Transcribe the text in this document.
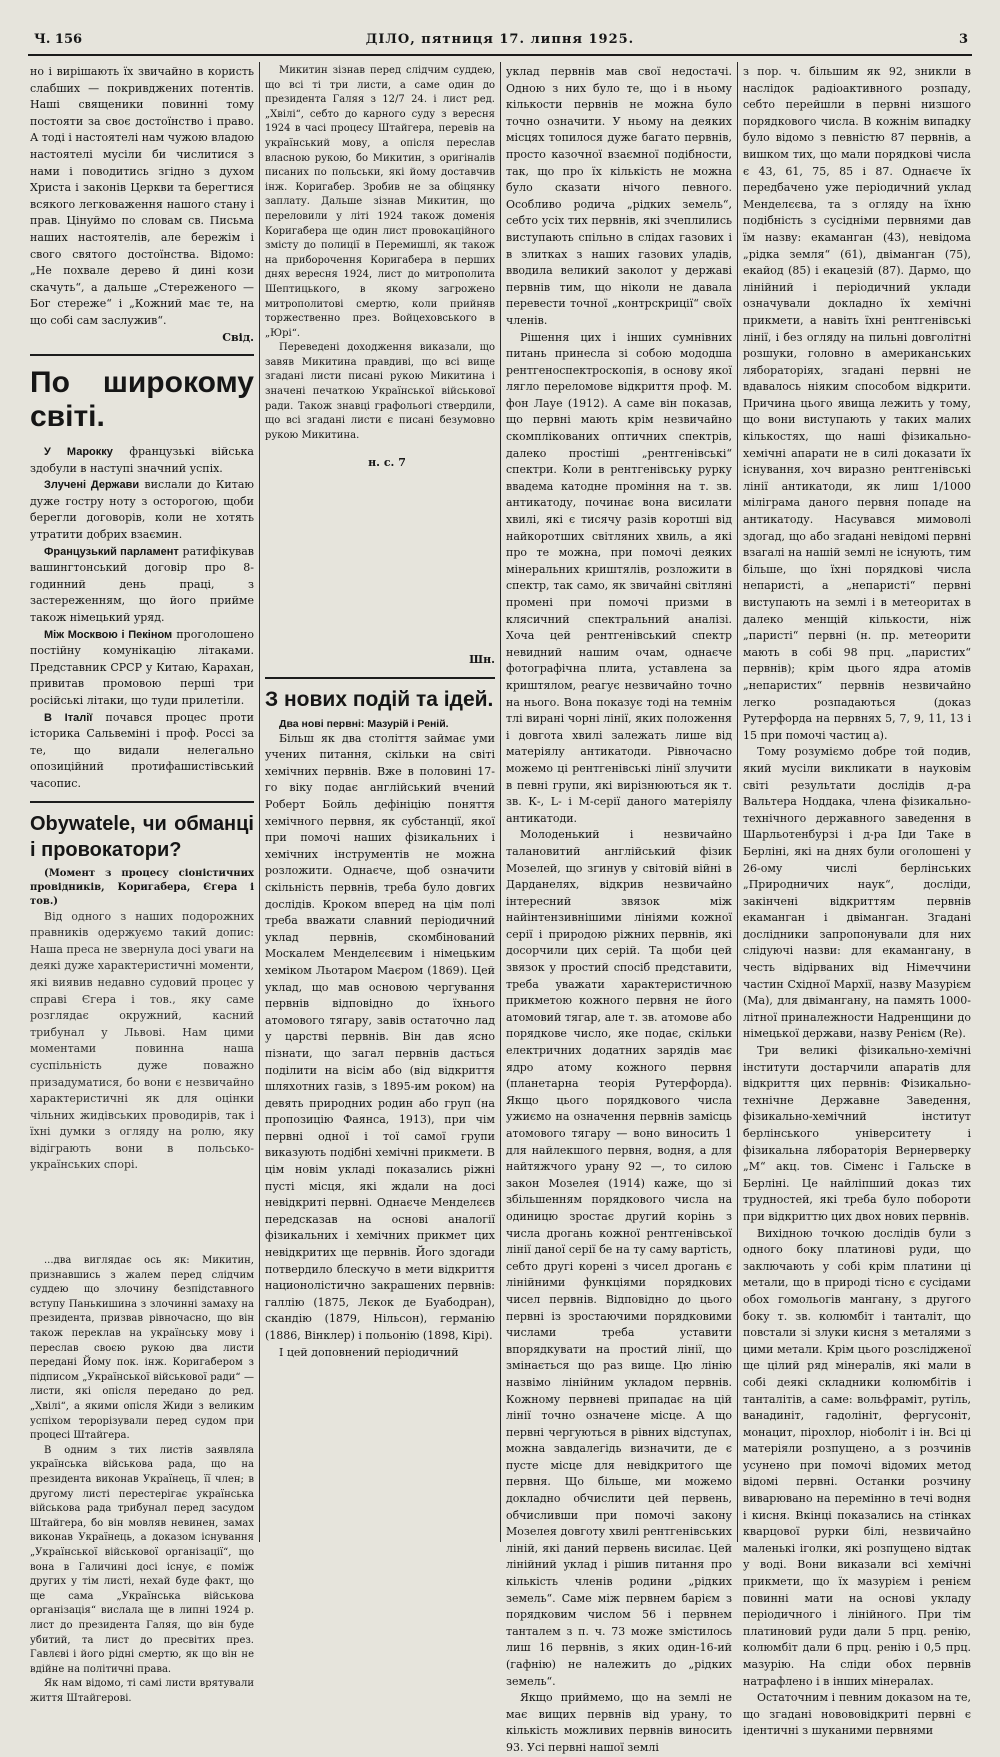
Ч. 156	ДІЛО, пятниця 17. липня 1925.	3

но і вирішають їх звичайно в користь слабших — покривджених потентів. Наші священики повинні тому постояти за своє достоїнство і право. А тоді і настоятелі нам чужою владою настоятелі мусіли би числитися з нами і поводитись згідно з духом Христа і законів Церкви та берегтися всякого легковаження нашого стану і прав. Цінуймо по словам св. Письма наших настоятелів, але бережім і свого святого достоїнства. Відомо: „Не похвале дерево й дині кози скачуть“, а дальше „Стереженого — Бог стереже“ і „Кожний має те, на що собі сам заслужив“.

Свід.

По широкому світі.

У Марокку французькі війська здобули в наступі значний успіх.

Злучені Держави вислали до Китаю дуже гостру ноту з осторогою, щоби берегли договорів, коли не хотять утратити добрих взаємин.

Французький парламент ратифікував вашингтонський договір про 8-годинний день праці, з застереженням, що його прийме також німецький уряд.

Між Москвою і Пекіном проголошено постійну комунікацію літаками. Представник СРСР у Китаю, Карахан, привитав промовою перші три російські літаки, що туди прилетіли.

В Італії почався процес проти історика Сальвеміні і проф. Россі за те, що видали нелегально опозиційний протифашистівський часопис.

Obywatele, чи обманці і провокатори?

(Момент з процесу сіоністичних провідників, Коригабера, Єгера і тов.)

Від одного з наших подорожних правників одержуємо такий допис: Наша преса не звернула досі уваги на деякі дуже характеристичні моменти, які виявив недавно судовий процес у справі Єгера і тов., яку саме розглядає окружний, касний трибунал у Львові. Нам цими моментами повинна наша суспільність дуже поважно призадуматися, бо вони є незвичайно характеристичні як для оцінки чільних жидівських проводирів, так і їхні думки з огляду на ролю, яку відіграють вони в польсько-українських спорі.

...два виглядає ось як: Микитин, признавшись з жалем перед слідчим суддею що злочину безпідставного вступу Панькишина з злочинні замаху на президента, призвав рівночасно, що він також переклав на українську мову і переслав своєю рукою два листи передані Йому пок. інж. Коригабером з підписом „Української військової ради“ — листи, які опісля передано до ред. „Хвілі“, а якими опісля Жиди з великим успіхом терорізували перед судом при процесі Штайгера.

В одним з тих листів заявляла українська військова рада, що на президента виконав Українець, її член; в другому листі перестерігає українська військова рада трибунал перед засудом Штайгера, бо він мовляв невинен, замах виконав Українець, а доказом існування „Української військової організації“, що вона в Галичині досі існує, є поміж других у тім листі, нехай буде факт, що ще сама „Українська військова організація“ вислала ще в липні 1924 р. лист до президента Галяя, що він буде убитий, та лист до пресвітих през. Гавлєві і його рідні смертю, як що він не вдійне на політичні права.

Як нам відомо, ті самі листи врятували життя Штайгерові.

Микитин зізнав перед слідчим суддею, що всі ті три листи, а саме один до президента Галяя з 12/7 24. і лист ред. „Хвілі“, себто до карного суду з вересня 1924 в часі процесу Штайгера, перевів на український мову, а опісля переслав власною рукою, бо Микитин, з оригіналів писаних по польськи, які йому доставчив інж. Коригабер. Зробив не за обіцянку заплату. Дальше зізнав Микитин, що переловили у літі 1924 також доменія Коригабера ще один лист провокаційного змісту до полиції в Перемишлі, як також на приборочення Коригабера в перших днях вересня 1924, лист до митрополита Шептицького, в якому загрожено митрополитові смертю, коли прийняв торжественно през. Войцеховського в „Юрі“.

Переведені доходження виказали, що завяв Микитина правдиві, що всі вище згадані листи писані рукою Микитина і значені печаткою Української військової ради. Також знавці графольогі ствердили, що всі згадані листи є писані безумовно рукою Микитина.

н. с. 7

Шн.

З нових подій та ідей.

Два нові первні: Мазурій і Реній.

Більш як два століття займає уми учених питання, скільки на світі хемічних первнів. Вже в половині 17-го віку подає англійський вчений Роберт Бойль дефініцію поняття хемічного первня, як субстанції, якої при помочі наших фізикальних і хемічних інструментів не можна розложити. Однаєче, щоб означити скільність первнів, треба було довгих дослідів. Кроком вперед на цім полі треба вважати славний періодичний уклад первнів, скомбінований Москалем Менделєєвим і німецьким хеміком Льотаром Маєром (1869). Цей уклад, що мав основою чергування первнів відповідно до їхнього атомового тягару, завів остаточно лад у царстві первнів. Він дав ясно пізнати, що загал первнів дасться поділити на вісім або (від відкриття шляхотних газів, з 1895-им роком) на девять природних родин або груп (на пропозицію Фаянса, 1913), при чім первні одної і тої самої групи виказують подібні хемічні прикмети. В цім новім укладі показались ріжні пусті місця, які ждали на досі невідкриті первні. Однаєче Менделєєв передсказав на основі аналогії фізикальних і хемічних прикмет цих невідкритих ще первнів. Його здогади потвердило блескучо в мети відкриття национолістично закрашених первнів: галлію (1875, Лєкок де Буабодран), скандію (1879, Нільсон), германію (1886, Вінклер) і польонію (1898, Кірі).

І цей доповнений періодичний

уклад первнів мав свої недостачі. Одною з них було те, що і в ньому кількости первнів не можна було точно означити. У ньому на деяких місцях топилося дуже багато первнів, просто казочної взаємної подібности, так, що про їх кількість не можна було сказати нічого певного. Особливо родича „рідких земель“, себто усіх тих первнів, які зчеплились виступають спільно в слідах газових і в злитках з наших газових уладів, вводила великий заколот у державі первнів тим, що ніколи не давала перевести точної „контрскриції“ своїх членів.

Рішення цих і інших сумнівних питань принесла зі собою мододша рентгеноспектроскопія, в основу якої лягло переломове відкриття проф. М. фон Лауе (1912). А саме він показав, що первні мають крім незвичайно скомплікованих оптичних спектрів, далеко простіші „рентгенівські“ спектри. Коли в рентгенівську рурку ввадема катодне проміння на т. зв. антикатоду, починає вона висилати хвилі, які є тисячу разів коротші від найкоротших світляних хвиль, а які про те можна, при помочі деяких мінеральних криштялів, розложити в спектр, так само, як звичайні світляні промені при помочі призми в клясичний спектральний аналізі. Хоча цей рентгенівський спектр невидний нашим очам, однаєче фотографічна плита, уставлена за криштялом, реагує незвичайно точно на нього. Вона показує тоді на темнім тлі вирані чорні лінії, яких положення і довгота хвилі залежать лише від матеріялу антикатоди. Рівночасно можемо ці рентгенівські лінії злучити в певні групи, які вирізнюються як т. зв. К-, L- і М-серії даного матеріялу антикатоди.

Молоденький і незвичайно талановитий англійський фізик Мозелей, що згинув у світовій війні в Дарданелях, відкрив незвичайно інтересний звязок між найінтензивнішими лініями кожної серії і природою ріжних первнів, які досорчили цих серій. Та щоби цей звязок у простий спосіб представити, треба уважати характеристичною прикметою кожного первня не його атомовий тягар, але т. зв. атомове або порядкове число, яке подає, скільки електричних додатних зарядів має ядро атому кожного первня (планетарна теорія Рутерфорда). Якщо цього порядкового числа ужиємо на означення первнів замісць атомового тягару — воно виносить 1 для найлекшого первня, водня, а для найтяжчого урану 92 —, то силою закон Мозелея (1914) каже, що зі збільшенням порядкового числа на одиницю зростає другий корінь з числа дрогань кожної рентгенівської лінії даної серії бе на ту саму вартість, себто другі корені з чисел дрогань є лінійними функціями порядкових чисел первнів. Відповідно до цього первні із зростаючими порядковими числами треба уставити впорядкувати на простий лінії, що змінається що раз вище. Цю лінію назвімо лінійним укладом первнів. Кожному первневі припадає на цій лінії точно означене місце. А що первні чергуються в рівних відступах, можна завдалегідь визначити, де є пусте місце для невідкритого ще первня. Що більше, ми можемо докладно обчислити цей первень, обчисливши при помочі закону Мозелея довготу хвилі рентгенівських ліній, які даний первень висилає. Цей лінійний уклад і рішив питання про кількість членів родини „рідких земель“. Саме між первнем барієм з порядковим числом 56 і первнем танталем з п. ч. 73 може змістилось лиш 16 первнів, з яких один-16-ий (гафнію) не належить до „рідких земель“.

Якщо приймемо, що на землі не має вищих первнів від урану, то кількість можливих первнів виносить 93. Усі первні нашої землі

з пор. ч. більшим як 92, зникли в наслідок радіоактивного розпаду, себто перейшли в первні низшого порядкового числа. В кожнім випадку було відомо з певністю 87 первнів, а вишком тих, що мали порядкові числа є 43, 61, 75, 85 і 87. Однаєче їх передбачено уже періодичний уклад Менделєєва, та з огляду на їхню подібність з сусідніми первнями дав їм назву: екаманган (43), невідома „рідка земля“ (61), двіманган (75), екайод (85) і екацезій (87). Дармо, що лінійний і періодичний уклади означували докладно їх хемічні прикмети, а навіть їхні рентгенівські лінії, і без огляду на пильні довголітні розшуки, головно в американських лябораторіях, згадані первні не вдавалось ніяким способом відкрити. Причина цього явища лежить у тому, що вони виступають у таких малих кількостях, що наші фізикально-хемічні апарати не в силі доказати їх існування, хоч виразно рентгенівські лінії антикатоди, як лиш 1/1000 міліграма даного первня попаде на антикатоду. Насувався мимоволі здогад, що або згадані невідомі первні взагалі на нашій землі не існують, тим більше, що їхні порядкові числа непаристі, а „непаристі“ первні виступають на землі і в метеоритах в далеко менщій кількости, ніж „паристі“ первні (н. пр. метеорити мають в собі 98 прц. „паристих“ первнів); крім цього ядра атомів „непаристих“ первнів незвичайно легко розпадаються (доказ Рутерфорда на первнях 5, 7, 9, 11, 13 і 15 при помочі частиц а).

Тому розуміємо добре той подив, який мусіли викликати в науковім світі результати дослідів д-ра Вальтера Ноддака, члена фізикально-технічного державного заведення в Шарльотенбурзі і д-ра Іди Таке в Берліні, які на днях були оголошені у 26-ому числі берлінських „Природничих наук“, досліди, закінчені відкриттям первнів екаманган і двіманган. Згадані дослідники запропонували для них слідуючі назви: для екамангану, в честь відірваних від Німеччини частин Східної Мархії, назву Мазурієм (Ма), для двімангану, на память 1000-літної приналежности Надренщини до німецької держави, назву Ренієм (Re).

Три великі фізикально-хемічні інститути достарчили апаратів для відкриття цих первнів: Фізикально-технічне Державне Заведення, фізикально-хемічний інститут берлінського університету і фізикальна лябораторія Вернерверку „М“ акц. тов. Сіменс і Гальске в Берліні. Це найліпший доказ тих трудностей, які треба було побороти при відкриттю цих двох нових первнів.

Вихідною точкою дослідів були з одного боку платинові руди, що заключають у собі крім платини ці метали, що в природі тісно є сусідами обох гомольогів мангану, з другого боку т. зв. колюмбіт і танталіт, що повстали зі злуки кисня з металями з цими метали. Крім цього розслідженої ще цілий ряд мінералів, які мали в собі деякі складники колюмбітів і танталітів, а саме: вольфраміт, рутіль, ванадиніт, гадолініт, фергусоніт, монацит, пірохлор, ніоболіт і ін. Всі ці матеріяли розпущено, а з розчинів усунено при помочі відомих метод відомі первні. Останки розчину виварювано на перемінно в течі водня і кисня. Вкінці показались на стінках кварцової рурки білі, незвичайно маленькі іголки, які розпущено відтак у воді. Вони виказали всі хемічні прикмети, що їх мазурієм і ренієм повинні мати на основі укладу періодичного і лінійного. При тім платиновий руди дали 5 прц. ренію, колюмбіт дали 6 прц. ренію і 0,5 прц. мазурію. На сліди обох первнів натрафлено і в інших мінералах.

Остаточним і певним доказом на те, що згадані новововідкриті первні є ідентичні з шуканими первнями
